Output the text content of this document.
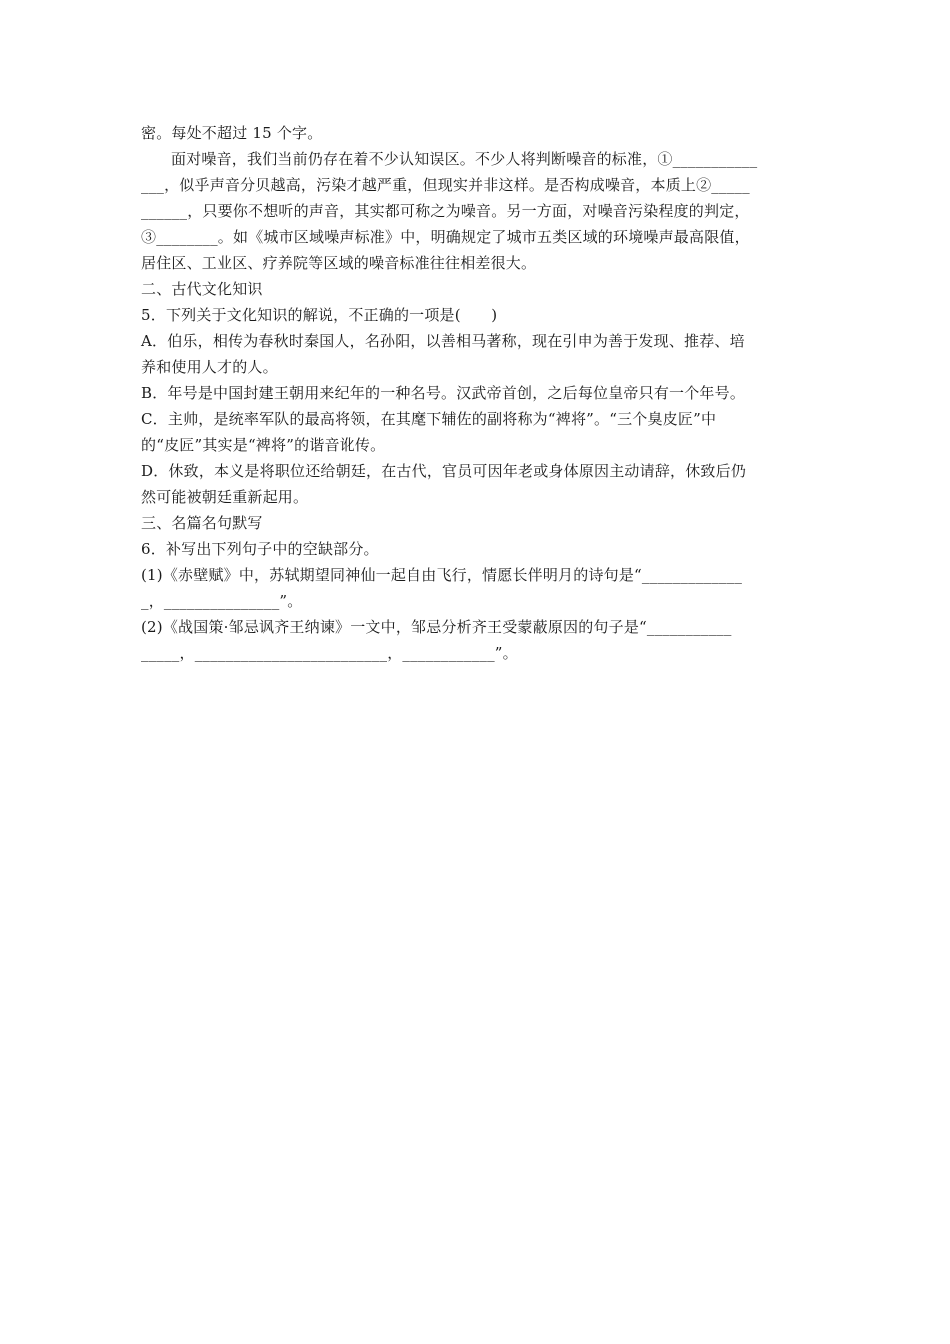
密。每处不超过 15 个字。
面对噪音，我们当前仍存在着不少认知误区。不少人将判断噪音的标准，①___________
___，似乎声音分贝越高，污染才越严重，但现实并非这样。是否构成噪音，本质上②_____
______，只要你不想听的声音，其实都可称之为噪音。另一方面，对噪音污染程度的判定，
③________。如《城市区域噪声标准》中，明确规定了城市五类区域的环境噪声最高限值，
居住区、工业区、疗养院等区域的噪音标准往往相差很大。
二、古代文化知识
5．下列关于文化知识的解说，不正确的一项是(　　)
A．伯乐，相传为春秋时秦国人，名孙阳，以善相马著称，现在引申为善于发现、推荐、培
养和使用人才的人。
B．年号是中国封建王朝用来纪年的一种名号。汉武帝首创，之后每位皇帝只有一个年号。
C．主帅，是统率军队的最高将领，在其麾下辅佐的副将称为“裨将”。“三个臭皮匠”中
的“皮匠”其实是“裨将”的谐音讹传。
D．休致，本义是将职位还给朝廷，在古代，官员可因年老或身体原因主动请辞，休致后仍
然可能被朝廷重新起用。
三、名篇名句默写
6．补写出下列句子中的空缺部分。
(1)《赤壁赋》中，苏轼期望同神仙一起自由飞行，情愿长伴明月的诗句是“_____________
_，_______________”。
(2)《战国策·邹忌讽齐王纳谏》一文中，邹忌分析齐王受蒙蔽原因的句子是“___________
_____，_________________________，____________”。
